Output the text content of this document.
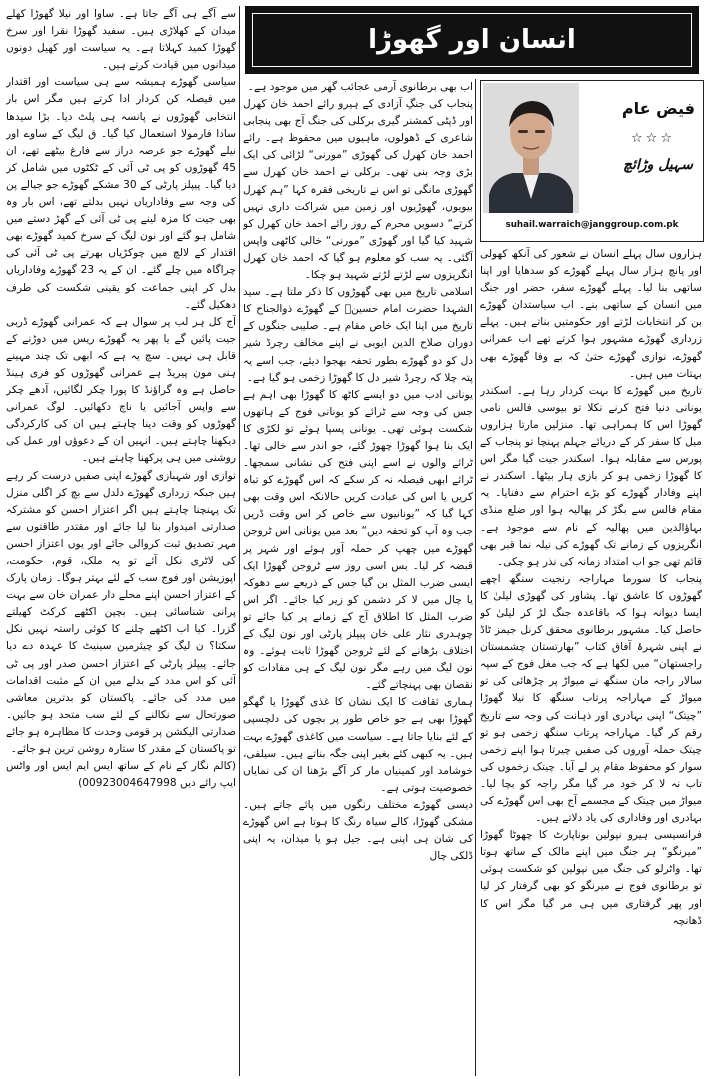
انسان اور گھوڑا
فیض عام
☆☆☆
سہیل وڑائچ
suhail.warraich@janggroup.com.pk

ہزاروں سال پہلے انسان نے شعور کی آنکھ کھولی اور پانچ ہزار سال پہلے گھوڑے کو سدھایا اور اپنا ساتھی بنا لیا۔ پہلے گھوڑے سفر، حضر اور جنگ میں انسان کے ساتھی بنے۔ اب سیاستدان گھوڑے بن کر انتخابات لڑتے اور حکومتیں بناتے ہیں۔ پہلے زرداری گھوڑے مشہور ہوا کرتے تھے اب عمرانی گھوڑے، نوازی گھوڑے حتیٰ کہ بے وفا گھوڑے بھی بہتات میں ہیں۔

تاریخ میں گھوڑے کا بہت کردار رہا ہے۔ اسکندر یونانی دنیا فتح کرنے نکلا تو بیوسی فالس نامی گھوڑا اس کا ہمراہی تھا۔ منزلیں مارتا ہزاروں میل کا سفر کر کے دریائے جہلم پہنچا تو پنجاب کے پورس سے مقابلہ ہوا۔ اسکندر جیت گیا مگر اس کا گھوڑا زخمی ہو کر بازی ہار بیٹھا۔ اسکندر نے اپنے وفادار گھوڑے کو بڑے احترام سے دفنایا۔ یہ مقام فالس سے بگڑ کر پھالیہ ہوا اور ضلع منڈی بہاؤالدین میں پھالیہ کے نام سے موجود ہے۔ انگریزوں کے زمانے تک گھوڑے کی نیلہ نما قبر بھی قائم تھی جو اب امتداد زمانہ کی نذر ہو چکی۔

پنجاب کا سورما مہاراجہ رنجیت سنگھ اچھے گھوڑوں کا عاشق تھا۔ پشاور کی گھوڑی لیلیٰ کا ایسا دیوانہ ہوا کہ باقاعدہ جنگ لڑ کر لیلیٰ کو حاصل کیا۔ مشہور برطانوی محقق کرنل جیمز ٹاڈ نے اپنی شہرۂ آفاق کتاب ”بھارتستان چشمستان راجستھان“ میں لکھا ہے کہ جب مغل فوج کے سپہ سالار راجہ مان سنگھ نے میواڑ پر چڑھائی کی تو میواڑ کے مہاراجہ پرتاب سنگھ کا نیلا گھوڑا ”چیتک“ اپنی بہادری اور ذہانت کی وجہ سے تاریخ رقم کر گیا۔ مہاراجہ پرتاب سنگھ زخمی ہو تو چیتک حملہ آوروں کی صفیں چیرتا ہوا اپنے زخمی سوار کو محفوظ مقام پر لے آیا۔ چیتک زخموں کی تاب نہ لا کر خود مر گیا مگر راجہ کو بچا لیا۔ میواڑ میں چیتک کے مجسمے آج بھی اس گھوڑے کی بہادری اور وفاداری کی یاد دلاتے ہیں۔

فرانسیسی ہیرو نپولین بوناپارٹ کا چھوٹا گھوڑا ”میرنگو“ ہر جنگ میں اپنے مالک کے ساتھ ہوتا تھا۔ واٹرلو کی جنگ میں نپولین کو شکست ہوئی تو برطانوی فوج نے میرنگو کو بھی گرفتار کر لیا اور پھر گرفتاری میں ہی مر گیا مگر اس کا ڈھانچہ

اب بھی برطانوی آرمی عجائب گھر میں موجود ہے۔

پنجاب کی جنگِ آزادی کے ہیرو رائے احمد خان کھرل اور ڈپٹی کمشنر گیری برکلی کی جنگ آج بھی پنجابی شاعری کے ڈھولوں، ماہیوں میں محفوظ ہے۔ رائے احمد خان کھرل کی گھوڑی ”مورنی“ لڑائی کی ایک بڑی وجہ بنی تھی۔ برکلی نے احمد خان کھرل سے گھوڑی مانگی تو اس نے تاریخی فقرہ کہا ”ہم کھرل بیویوں، گھوڑیوں اور زمین میں شراکت داری نہیں کرتے“ دسویں محرم کے روز رائے احمد خان کھرل کو شہید کیا گیا اور گھوڑی ”مورنی“ خالی کاٹھی واپس آگئی۔ یہ سب کو معلوم ہو گیا کہ احمد خان کھرل انگریزوں سے لڑتے لڑتے شہید ہو چکا۔

اسلامی تاریخ میں بھی گھوڑوں کا ذکر ملتا ہے۔ سید الشہدا حضرت امام حسینؓ کے گھوڑے ذوالجناح کا تاریخ میں اپنا ایک خاص مقام ہے۔ صلیبی جنگوں کے دوران صلاح الدین ایوبی نے اپنے مخالف رچرڈ شیر دل کو دو گھوڑے بطور تحفہ بھجوا دیئے، جب اسے یہ پتہ چلا کہ رچرڈ شیر دل کا گھوڑا زخمی ہو گیا ہے۔

یونانی ادب میں دو ایسے کاٹھ کا گھوڑا بھی اہم ہے جس کی وجہ سے ٹرائے کو یونانی فوج کے ہاتھوں شکست ہوئی تھی۔ یونانی پسپا ہوئے تو لکڑی کا ایک بنا ہوا گھوڑا چھوڑ گئے، جو اندر سے خالی تھا۔ ٹرائے والوں نے اسے اپنی فتح کی نشانی سمجھا۔ ٹرائے ابھی فیصلہ نہ کر سکے کہ اس گھوڑے کو تباہ کریں یا اس کی عبادت کریں حالانکہ اس وقت بھی کہا گیا کہ ”یونانیوں سے خاص کر اس وقت ڈریں جب وہ آپ کو تحفہ دیں“ بعد میں یونانی اس ٹروجن گھوڑے میں چھپ کر حملہ آور ہوئے اور شہر پر قبضہ کر لیا۔ بس اسی روز سے ٹروجن گھوڑا ایک ایسی ضرب المثل بن گیا جس کے ذریعے سے دھوکہ یا چال میں لا کر دشمن کو زیر کیا جائے۔ اگر اس ضرب المثل کا اطلاق آج کے زمانے پر کیا جائے تو چوہدری نثار علی خان پیپلز پارٹی اور نون لیگ کے اختلاف بڑھانے کے لئے ٹروجن گھوڑا ثابت ہوئے۔ وہ نون لیگ میں رہے مگر نون لیگ کے ہی مفادات کو نقصان بھی پہنچاتے گئے۔

ہماری ثقافت کا ایک نشان کا غذی گھوڑا یا گھگو گھوڑا بھی ہے جو خاص طور پر بچوں کی دلچسپی کے لئے بنایا جاتا ہے۔ سیاست میں کاغذی گھوڑے بہت ہیں۔ یہ کبھی کئے بغیر اپنی جگہ بناتے ہیں۔ سیلفی، خوشامد اور کمینیاں مار کر آگے بڑھنا ان کی نمایاں خصوصیت ہوتی ہے۔

دیسی گھوڑے مختلف رنگوں میں پائے جاتے ہیں۔ مشکی گھوڑا، کالے سیاہ رنگ کا ہوتا ہے اس گھوڑے کی شان ہی اپنی ہے۔ جیل ہو یا میدان، یہ اپنی ڈلکی چال

سے آگے ہی آگے جاتا ہے۔ ساوا اور نیلا گھوڑا کھلے میدان کے کھلاڑی ہیں۔ سفید گھوڑا نقرا اور سرخ گھوڑا کمید کہلاتا ہے۔ یہ سیاست اور کھیل دونوں میدانوں میں قیادت کرتے ہیں۔

سیاسی گھوڑے ہمیشہ سے ہی سیاست اور اقتدار میں فیصلہ کن کردار ادا کرتے ہیں مگر اس بار انتخابی گھوڑوں نے پانسہ ہی پلٹ دیا۔ بڑا سیدھا سادا فارمولا استعمال کیا گیا۔ ق لیگ کے ساوے اور نیلے گھوڑے جو عرصہ دراز سے فارغ بیٹھے تھے، ان 45 گھوڑوں کو پی ٹی آئی کے ٹکٹوں میں شامل کر دیا گیا۔ پیپلز پارٹی کے 30 مشکے گھوڑے جو جیالے پن کی وجہ سے وفاداریاں نہیں بدلتے تھے، اس بار وہ بھی جیت کا مزہ لینے پی ٹی آئی کے گھڑ دستے میں شامل ہو گئے اور نون لیگ کے سرخ کمید گھوڑے بھی اقتدار کے لالچ میں چوکڑیاں بھرتے پی ٹی آئی کی چراگاہ میں چلے گئے۔ ان کے یہ 23 گھوڑے وفاداریاں بدل کر اپنی جماعت کو یقینی شکست کی طرف دھکیل گئے۔

آج کل ہر لب پر سوال ہے کہ عمرانی گھوڑے ڈربی جیت پائیں گے یا پھر یہ گھوڑے ریس میں دوڑنے کے قابل ہی نہیں۔ سچ یہ ہے کہ ابھی تک چند مہینے ہنی مون پیریڈ ہے عمرانی گھوڑوں کو فری ہینڈ حاصل ہے وہ گراؤنڈ کا پورا چکر لگائیں، آدھے چکر سے واپس آجائیں یا ناچ دکھائیں۔ لوگ عمرانی گھوڑوں کو وقت دینا چاہتے ہیں ان کی کارکردگی دیکھنا چاہتے ہیں۔ انہیں ان کے دعوؤں اور عمل کی روشنی میں ہی پرکھنا چاہتے ہیں۔

نوازی اور شہبازی گھوڑے اپنی صفیں درست کر رہے ہیں جبکہ زرداری گھوڑے دلدل سے بچ کر اگلی منزل تک پہنچنا چاہتے ہیں اگر اعتزاز احسن کو مشترکہ صدارتی امیدوار بنا لیا جائے اور مقتدر طاقتوں سے مہر تصدیق ثبت کروالی جائے اور یوں اعتزاز احسن کی لاٹری نکل آئے تو یہ ملک، قوم، حکومت، اپوزیشن اور فوج سب کے لئے بہتر ہوگا۔ زمان پارک کے اعتزاز احسن اپنے محلے دار عمران خان سے بہت پرانی شناسائی ہیں۔ بچپن اکٹھے کرکٹ کھیلتے گزرا۔ کیا اب اکٹھے چلنے کا کوئی راستہ نہیں نکل سکتا؟ ن لیگ کو چیئرمین سینیٹ کا عہدہ دے دیا جائے۔ پیپلز پارٹی کے اعتزاز احسن صدر اور پی ٹی آئی کو اس مدد کے بدلے میں ان کے مثبت اقدامات میں مدد کی جائے۔ پاکستان کو بدترین معاشی صورتحال سے نکالنے کے لئے سب متحد ہو جائیں۔ صدارتی الیکشن پر قومی وحدت کا مظاہرہ ہو جائے تو پاکستان کے مقدر کا ستارہ روشن ترین ہو جائے۔

(کالم نگار کے نام کے ساتھ ایس ایم ایس اور واٹس ایپ رائے دیں 00923004647998)
